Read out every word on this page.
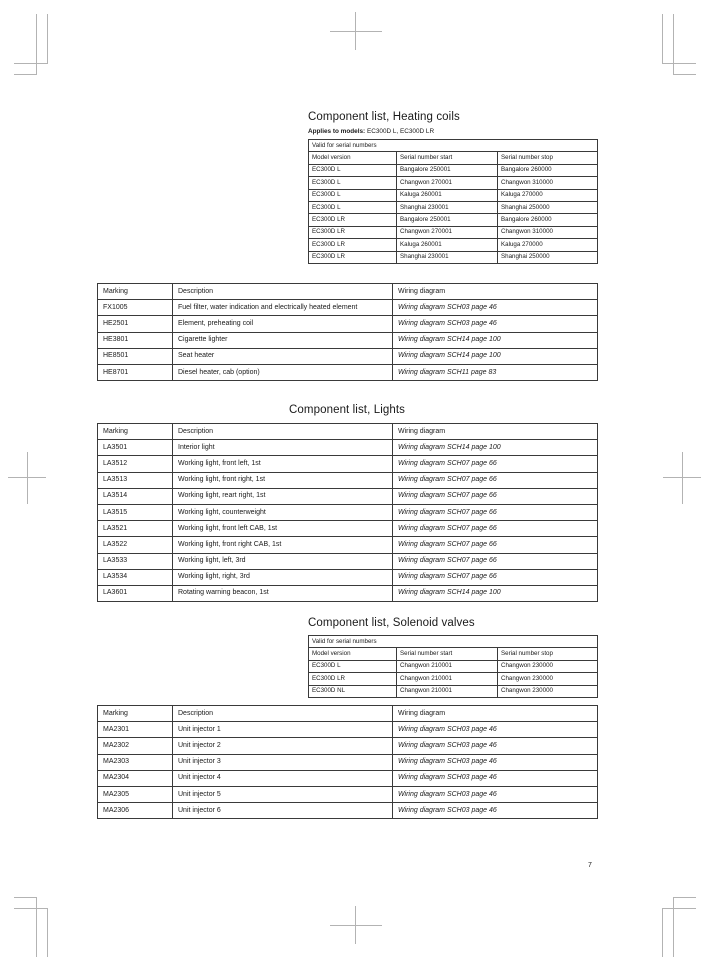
Component list, Heating coils

Applies to models: EC300D L, EC300D LR

Valid for serial numbers		
Model version	Serial number start	Serial number stop
EC300D L	Bangalore 250001	Bangalore 260000
EC300D L	Changwon 270001	Changwon 310000
EC300D L	Kaluga 260001	Kaluga 270000
EC300D L	Shanghai 230001	Shanghai 250000
EC300D LR	Bangalore 250001	Bangalore 260000
EC300D LR	Changwon 270001	Changwon 310000
EC300D LR	Kaluga 260001	Kaluga 270000
EC300D LR	Shanghai 230001	Shanghai 250000
Marking	Description	Wiring diagram
FX1005	Fuel filter, water indication and electrically heated element	Wiring diagram SCH03 page 46
HE2501	Element, preheating coil	Wiring diagram SCH03 page 46
HE3801	Cigarette lighter	Wiring diagram SCH14 page 100
HE8501	Seat heater	Wiring diagram SCH14 page 100
HE8701	Diesel heater, cab (option)	Wiring diagram SCH11 page 83
Component list, Lights
Marking	Description	Wiring diagram
LA3501	Interior light	Wiring diagram SCH14 page 100
LA3512	Working light, front left, 1st	Wiring diagram SCH07 page 66
LA3513	Working light, front right, 1st	Wiring diagram SCH07 page 66
LA3514	Working light, reart right, 1st	Wiring diagram SCH07 page 66
LA3515	Working light, counterweight	Wiring diagram SCH07 page 66
LA3521	Working light, front left CAB, 1st	Wiring diagram SCH07 page 66
LA3522	Working light, front right CAB, 1st	Wiring diagram SCH07 page 66
LA3533	Working light, left, 3rd	Wiring diagram SCH07 page 66
LA3534	Working light, right, 3rd	Wiring diagram SCH07 page 66
LA3601	Rotating warning beacon, 1st	Wiring diagram SCH14 page 100
Component list, Solenoid valves
Valid for serial numbers		
Model version	Serial number start	Serial number stop
EC300D L	Changwon 210001	Changwon 230000
EC300D LR	Changwon 210001	Changwon 230000
EC300D NL	Changwon 210001	Changwon 230000
Marking	Description	Wiring diagram
MA2301	Unit injector 1	Wiring diagram SCH03 page 46
MA2302	Unit injector 2	Wiring diagram SCH03 page 46
MA2303	Unit injector 3	Wiring diagram SCH03 page 46
MA2304	Unit injector 4	Wiring diagram SCH03 page 46
MA2305	Unit injector 5	Wiring diagram SCH03 page 46
MA2306	Unit injector 6	Wiring diagram SCH03 page 46
7
